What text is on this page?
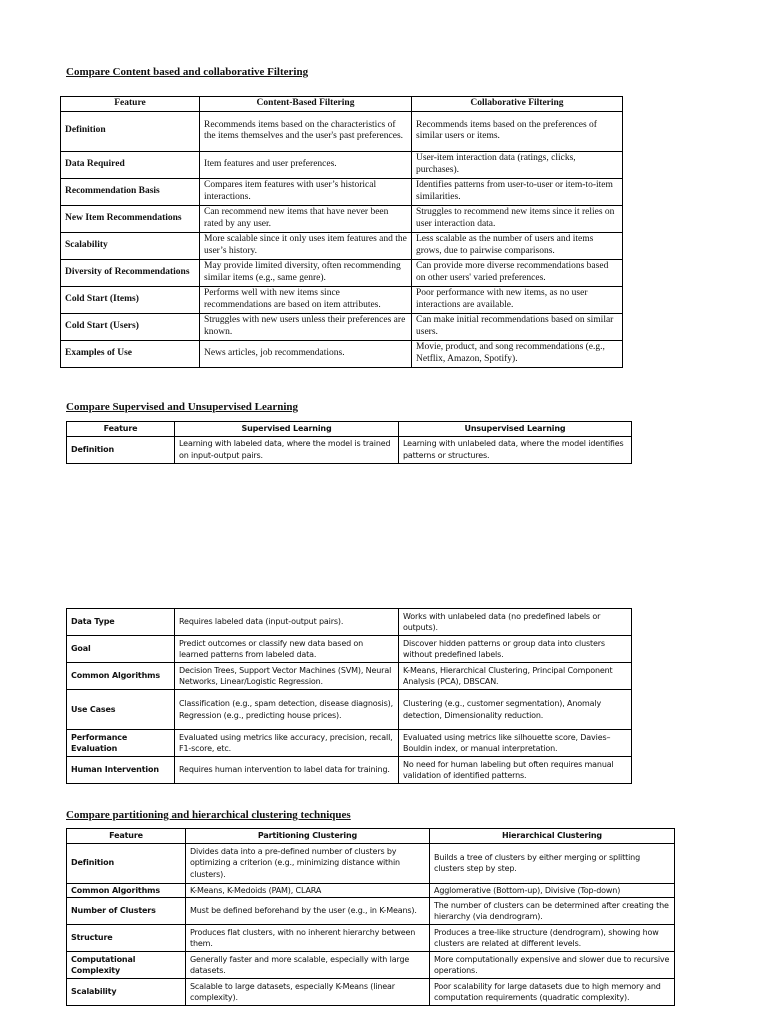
Compare Content based and collaborative Filtering
Feature	Content-Based Filtering	Collaborative Filtering
Definition	Recommends items based on the characteristics of the items themselves and the user's past preferences.	Recommends items based on the preferences of similar users or items.
Data Required	Item features and user preferences.	User-item interaction data (ratings, clicks, purchases).
Recommendation Basis	Compares item features with user’s historical interactions.	Identifies patterns from user-to-user or item-to-item similarities.
New Item Recommendations	Can recommend new items that have never been rated by any user.	Struggles to recommend new items since it relies on user interaction data.
Scalability	More scalable since it only uses item features and the user’s history.	Less scalable as the number of users and items grows, due to pairwise comparisons.
Diversity of Recommendations	May provide limited diversity, often recommending similar items (e.g., same genre).	Can provide more diverse recommendations based on other users' varied preferences.
Cold Start (Items)	Performs well with new items since recommendations are based on item attributes.	Poor performance with new items, as no user interactions are available.
Cold Start (Users)	Struggles with new users unless their preferences are known.	Can make initial recommendations based on similar users.
Examples of Use	News articles, job recommendations.	Movie, product, and song recommendations (e.g., Netflix, Amazon, Spotify).
Compare Supervised and Unsupervised Learning
Feature	Supervised Learning	Unsupervised Learning
Definition	Learning with labeled data, where the model is trained on input-output pairs.	Learning with unlabeled data, where the model identifies patterns or structures.
Data Type	Requires labeled data (input-output pairs).	Works with unlabeled data (no predefined labels or outputs).
Goal	Predict outcomes or classify new data based on learned patterns from labeled data.	Discover hidden patterns or group data into clusters without predefined labels.
Common Algorithms	Decision Trees, Support Vector Machines (SVM), Neural Networks, Linear/Logistic Regression.	K-Means, Hierarchical Clustering, Principal Component Analysis (PCA), DBSCAN.
Use Cases	Classification (e.g., spam detection, disease diagnosis), Regression (e.g., predicting house prices).	Clustering (e.g., customer segmentation), Anomaly detection, Dimensionality reduction.
Performance Evaluation	Evaluated using metrics like accuracy, precision, recall, F1-score, etc.	Evaluated using metrics like silhouette score, Davies–Bouldin index, or manual interpretation.
Human Intervention	Requires human intervention to label data for training.	No need for human labeling but often requires manual validation of identified patterns.
Compare partitioning and hierarchical clustering techniques
Feature	Partitioning Clustering	Hierarchical Clustering
Definition	Divides data into a pre-defined number of clusters by optimizing a criterion (e.g., minimizing distance within clusters).	Builds a tree of clusters by either merging or splitting clusters step by step.
Common Algorithms	K-Means, K-Medoids (PAM), CLARA	Agglomerative (Bottom-up), Divisive (Top-down)
Number of Clusters	Must be defined beforehand by the user (e.g., in K-Means).	The number of clusters can be determined after creating the hierarchy (via dendrogram).
Structure	Produces flat clusters, with no inherent hierarchy between them.	Produces a tree-like structure (dendrogram), showing how clusters are related at different levels.
Computational Complexity	Generally faster and more scalable, especially with large datasets.	More computationally expensive and slower due to recursive operations.
Scalability	Scalable to large datasets, especially K-Means (linear complexity).	Poor scalability for large datasets due to high memory and computation requirements (quadratic complexity).
